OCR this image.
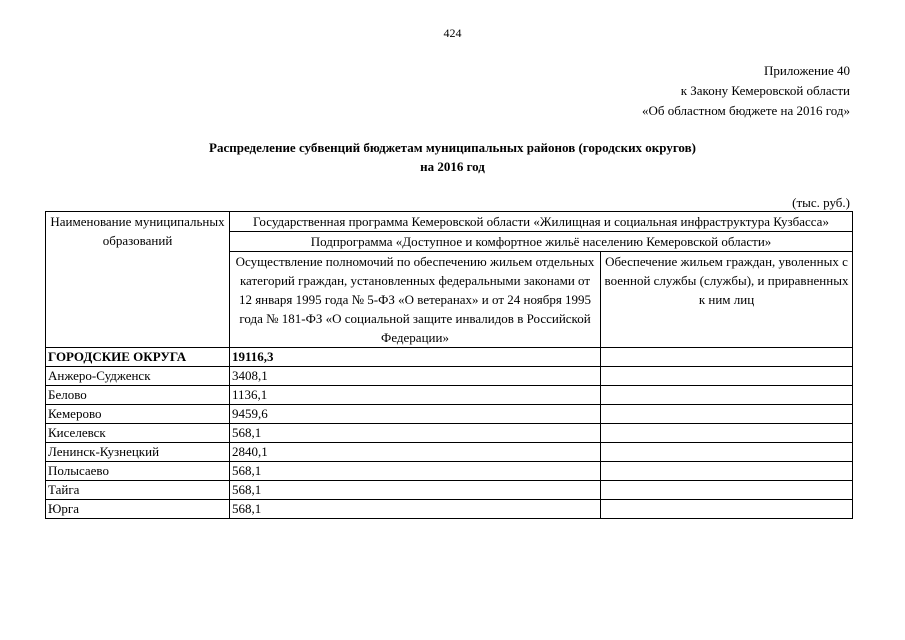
424
Приложение 40
к Закону Кемеровской области
«Об областном бюджете на 2016 год»
Распределение субвенций бюджетам муниципальных районов (городских округов)
на 2016 год
(тыс. руб.)
Наименование муниципальных образований	Государственная программа Кемеровской области «Жилищная и социальная инфраструктура Кузбасса»	
	Подпрограмма «Доступное и комфортное жильё населению Кемеровской области»	
	Осуществление полномочий по обеспечению жильем отдельных категорий граждан, установленных федеральными законами от 12 января 1995 года № 5-ФЗ «О ветеранах» и от 24 ноября 1995 года № 181-ФЗ «О социальной защите инвалидов в Российской Федерации»	Обеспечение жильем граждан, уволенных с военной службы (службы), и приравненных к ним лиц
ГОРОДСКИЕ ОКРУГА	19116,3	
Анжеро-Судженск	3408,1	
Белово	1136,1	
Кемерово	9459,6	
Киселевск	568,1	
Ленинск-Кузнецкий	2840,1	
Полысаево	568,1	
Тайга	568,1	
Юрга	568,1	
